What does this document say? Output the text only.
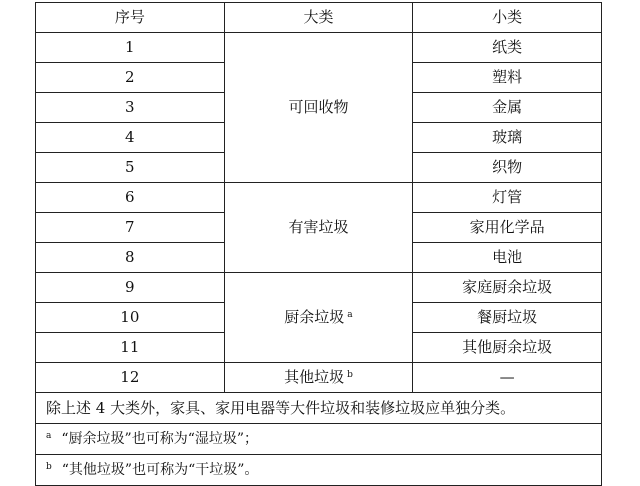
序号	大类	小类
1	可回收物	纸类
2		塑料
3		金属
4		玻璃
5		织物
6	有害垃圾	灯管
7		家用化学品
8		电池
9	厨余垃圾 $^a$	家庭厨余垃圾
10		餐厨垃圾
11		其他厨余垃圾
12	其他垃圾 $^b$	—
除上述 4 大类外，家具、家用电器等大件垃圾和装修垃圾应单独分类。		
$^a$ “厨余垃圾”也可称为“湿垃圾”；		
$^b$ “其他垃圾”也可称为“干垃圾”。		
